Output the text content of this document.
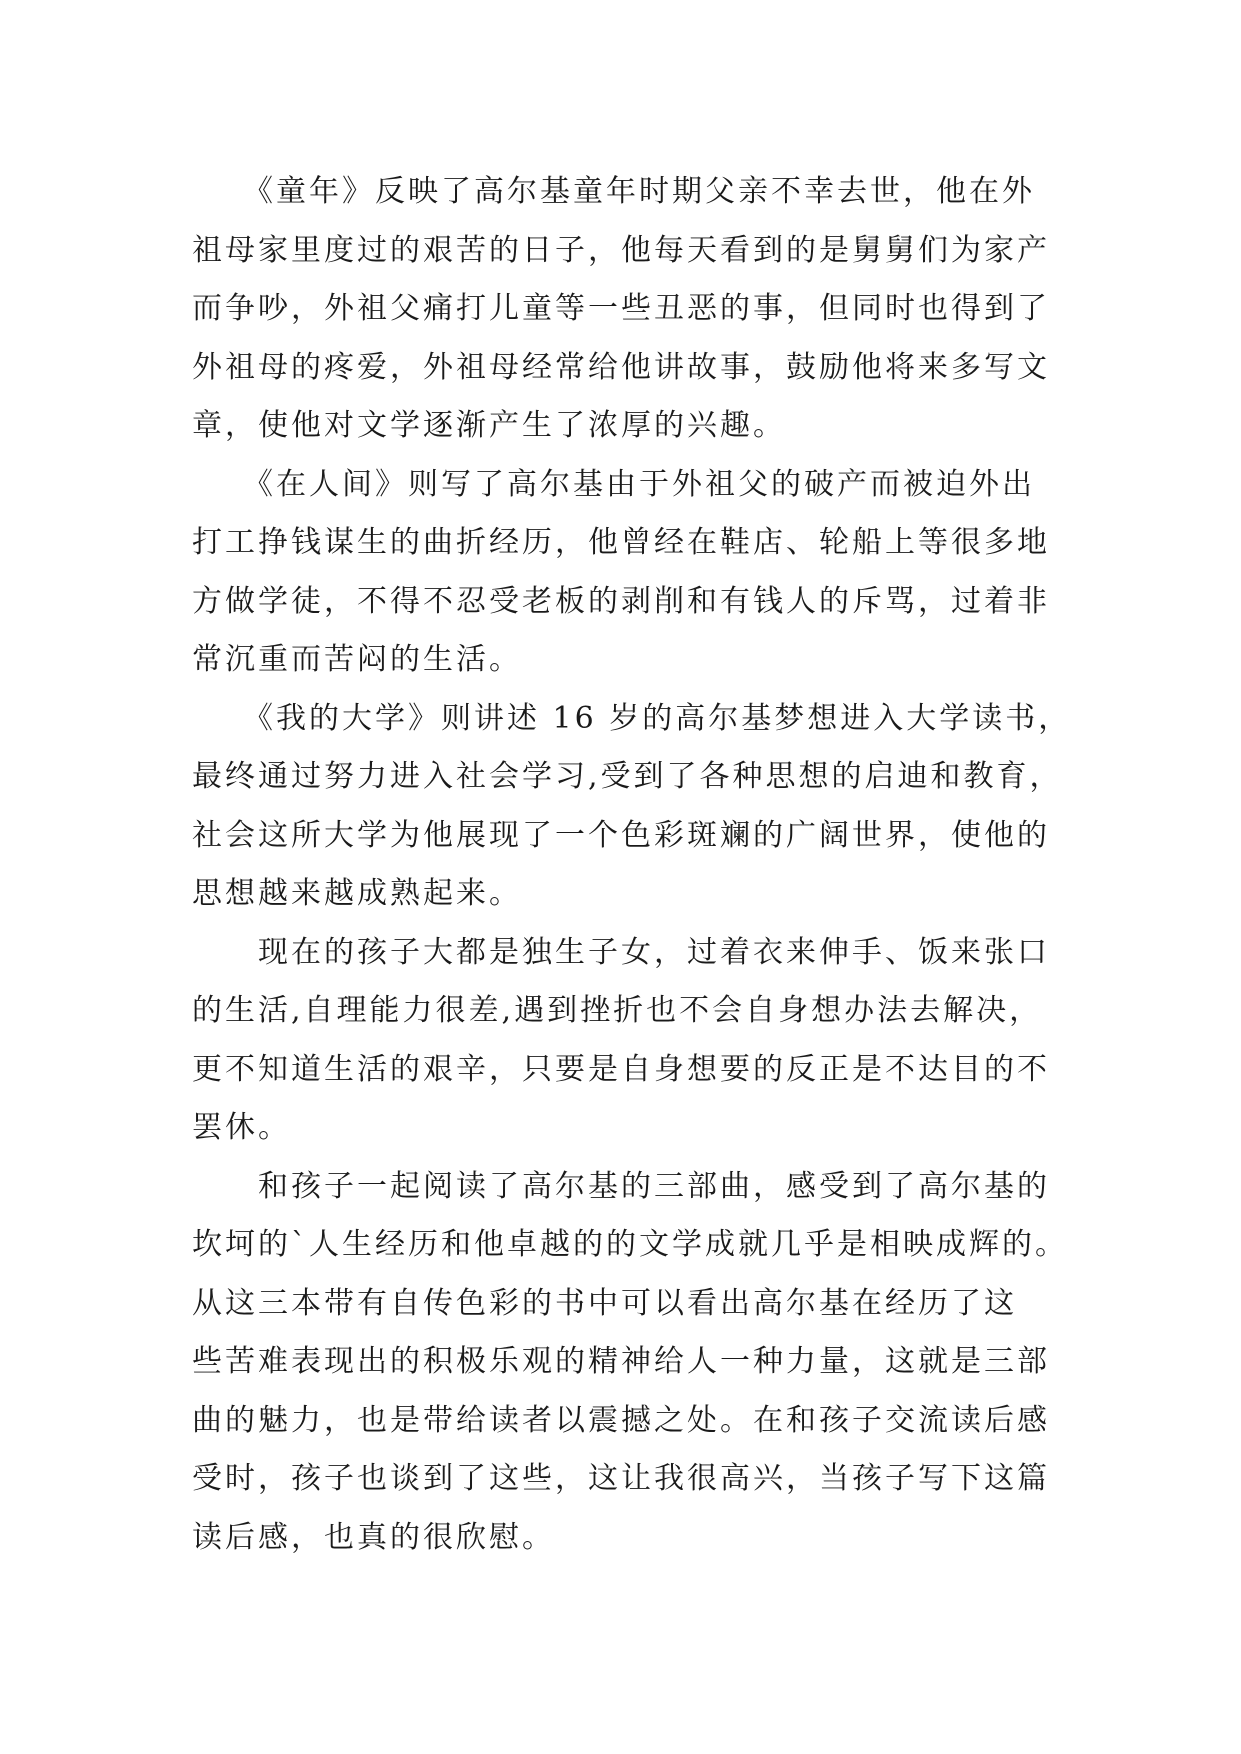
　　《童年》反映了高尔基童年时期父亲不幸去世，他在外
祖母家里度过的艰苦的日子，他每天看到的是舅舅们为家产
而争吵，外祖父痛打儿童等一些丑恶的事，但同时也得到了
外祖母的疼爱，外祖母经常给他讲故事，鼓励他将来多写文
章，使他对文学逐渐产生了浓厚的兴趣。

　　《在人间》则写了高尔基由于外祖父的破产而被迫外出
打工挣钱谋生的曲折经历，他曾经在鞋店、轮船上等很多地
方做学徒，不得不忍受老板的剥削和有钱人的斥骂，过着非
常沉重而苦闷的生活。

　　《我的大学》则讲述 16 岁的高尔基梦想进入大学读书，
最终通过努力进入社会学习,受到了各种思想的启迪和教育，
社会这所大学为他展现了一个色彩斑斓的广阔世界，使他的
思想越来越成熟起来。

　　现在的孩子大都是独生子女，过着衣来伸手、饭来张口
的生活,自理能力很差,遇到挫折也不会自身想办法去解决，
更不知道生活的艰辛，只要是自身想要的反正是不达目的不
罢休。

　　和孩子一起阅读了高尔基的三部曲，感受到了高尔基的
坎坷的`人生经历和他卓越的的文学成就几乎是相映成辉的。
从这三本带有自传色彩的书中可以看出高尔基在经历了这
些苦难表现出的积极乐观的精神给人一种力量，这就是三部
曲的魅力，也是带给读者以震撼之处。在和孩子交流读后感
受时，孩子也谈到了这些，这让我很高兴，当孩子写下这篇
读后感，也真的很欣慰。
